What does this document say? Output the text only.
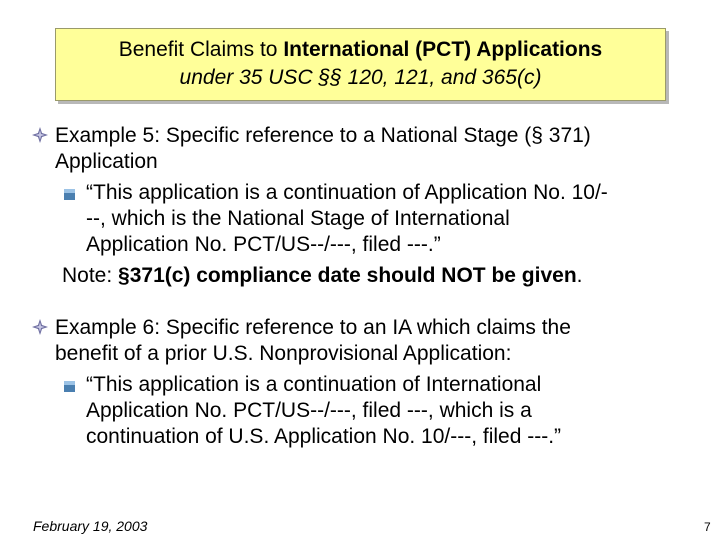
Benefit Claims to International (PCT) Applications
under 35 USC §§ 120, 121, and 365(c)
Example 5: Specific reference to a National Stage (§ 371)
Application
“This application is a continuation of Application No. 10/-
--, which is the National Stage of International
Application No. PCT/US--/---, filed ---.”
Note: §371(c) compliance date should NOT be given.
Example 6: Specific reference to an IA which claims the
benefit of a prior U.S. Nonprovisional Application:
“This application is a continuation of International
Application No. PCT/US--/---, filed ---, which is a
continuation of U.S. Application No. 10/---, filed ---.”
February 19, 2003	7
